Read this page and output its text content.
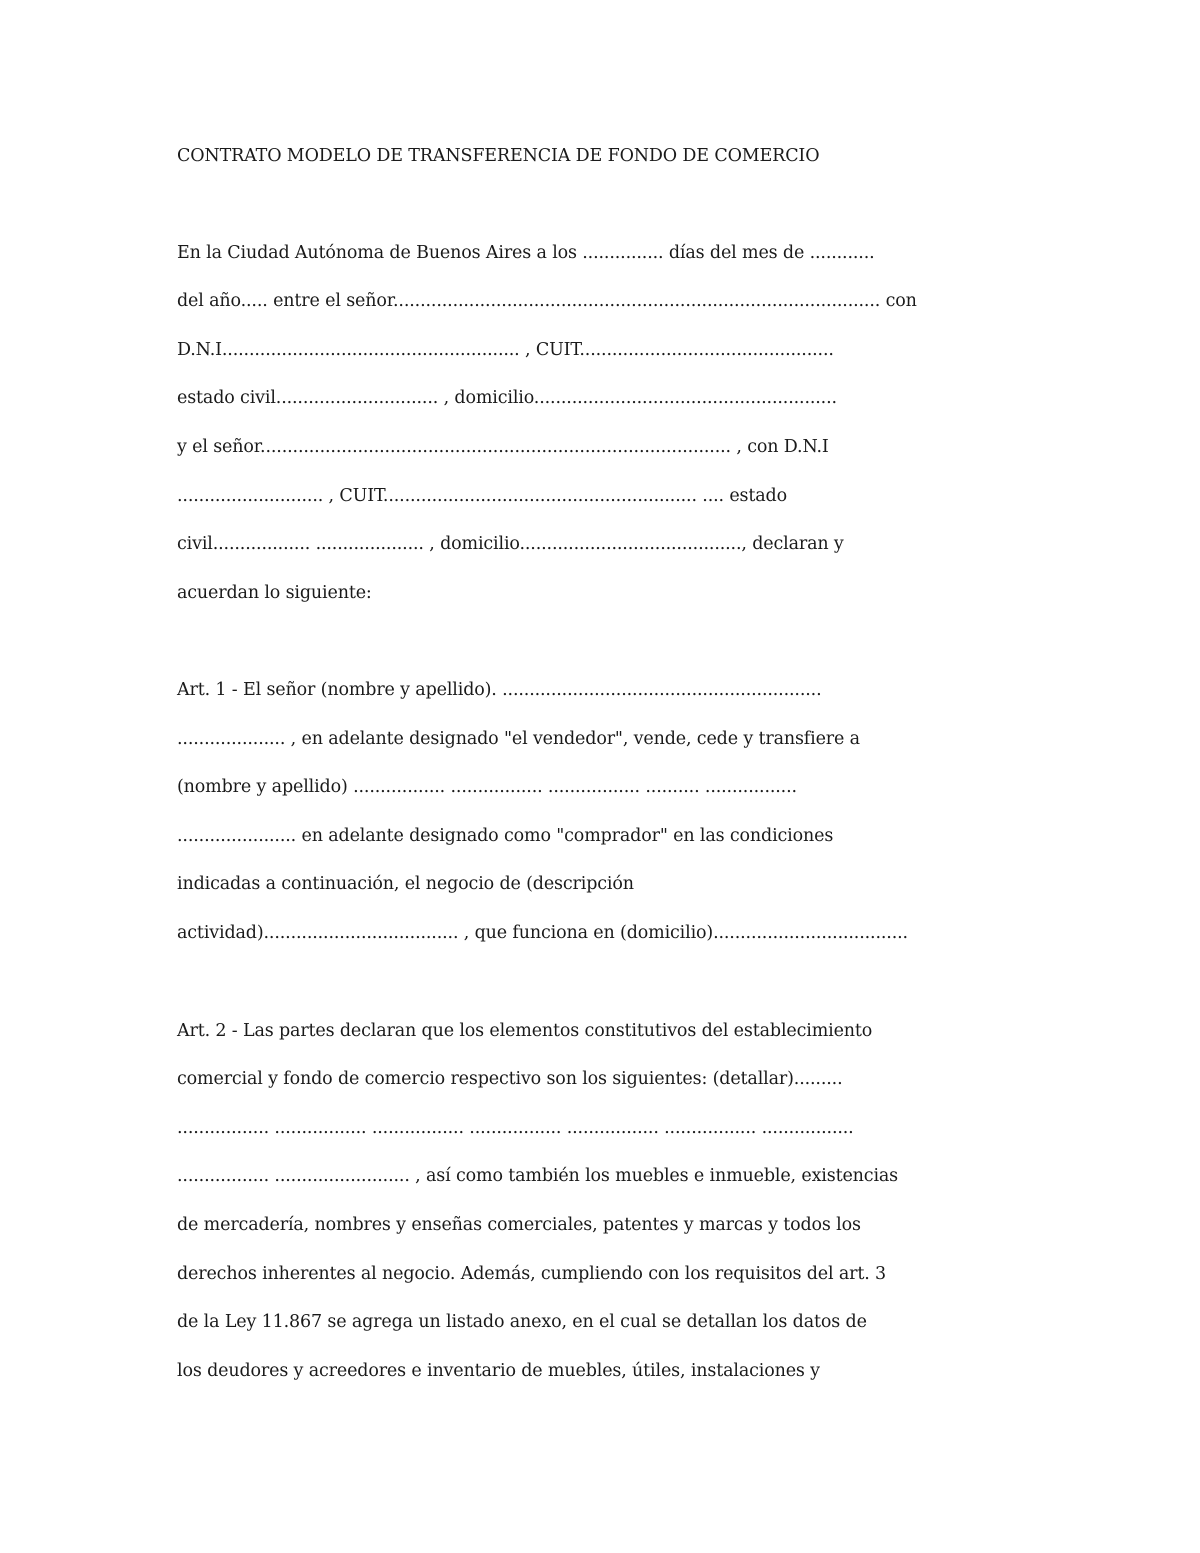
CONTRATO MODELO DE TRANSFERENCIA DE FONDO DE COMERCIO
En la Ciudad Autónoma de Buenos Aires a los ............... días del mes de ............
del año..... entre el señor.......................................................................................... con
D.N.I....................................................... , CUIT...............................................
estado civil.............................. , domicilio........................................................
y el señor....................................................................................... , con D.N.I
........................... , CUIT.......................................................... .... estado
civil.................. .................... , domicilio........................................., declaran y
acuerdan lo siguiente:
Art. 1 - El señor (nombre y apellido). ...........................................................
.................... , en adelante designado "el vendedor", vende, cede y transfiere a
(nombre y apellido) ................. ................. ................. .......... .................
...................... en adelante designado como "comprador" en las condiciones
indicadas a continuación, el negocio de (descripción
actividad).................................... , que funciona en (domicilio)....................................
Art. 2 - Las partes declaran que los elementos constitutivos del establecimiento
comercial y fondo de comercio respectivo son los siguientes: (detallar).........
................. ................. ................. ................. ................. ................. .................
................. ......................... , así como también los muebles e inmueble, existencias
de mercadería, nombres y enseñas comerciales, patentes y marcas y todos los
derechos inherentes al negocio. Además, cumpliendo con los requisitos del art. 3
de la Ley 11.867 se agrega un listado anexo, en el cual se detallan los datos de
los deudores y acreedores e inventario de muebles, útiles, instalaciones y
